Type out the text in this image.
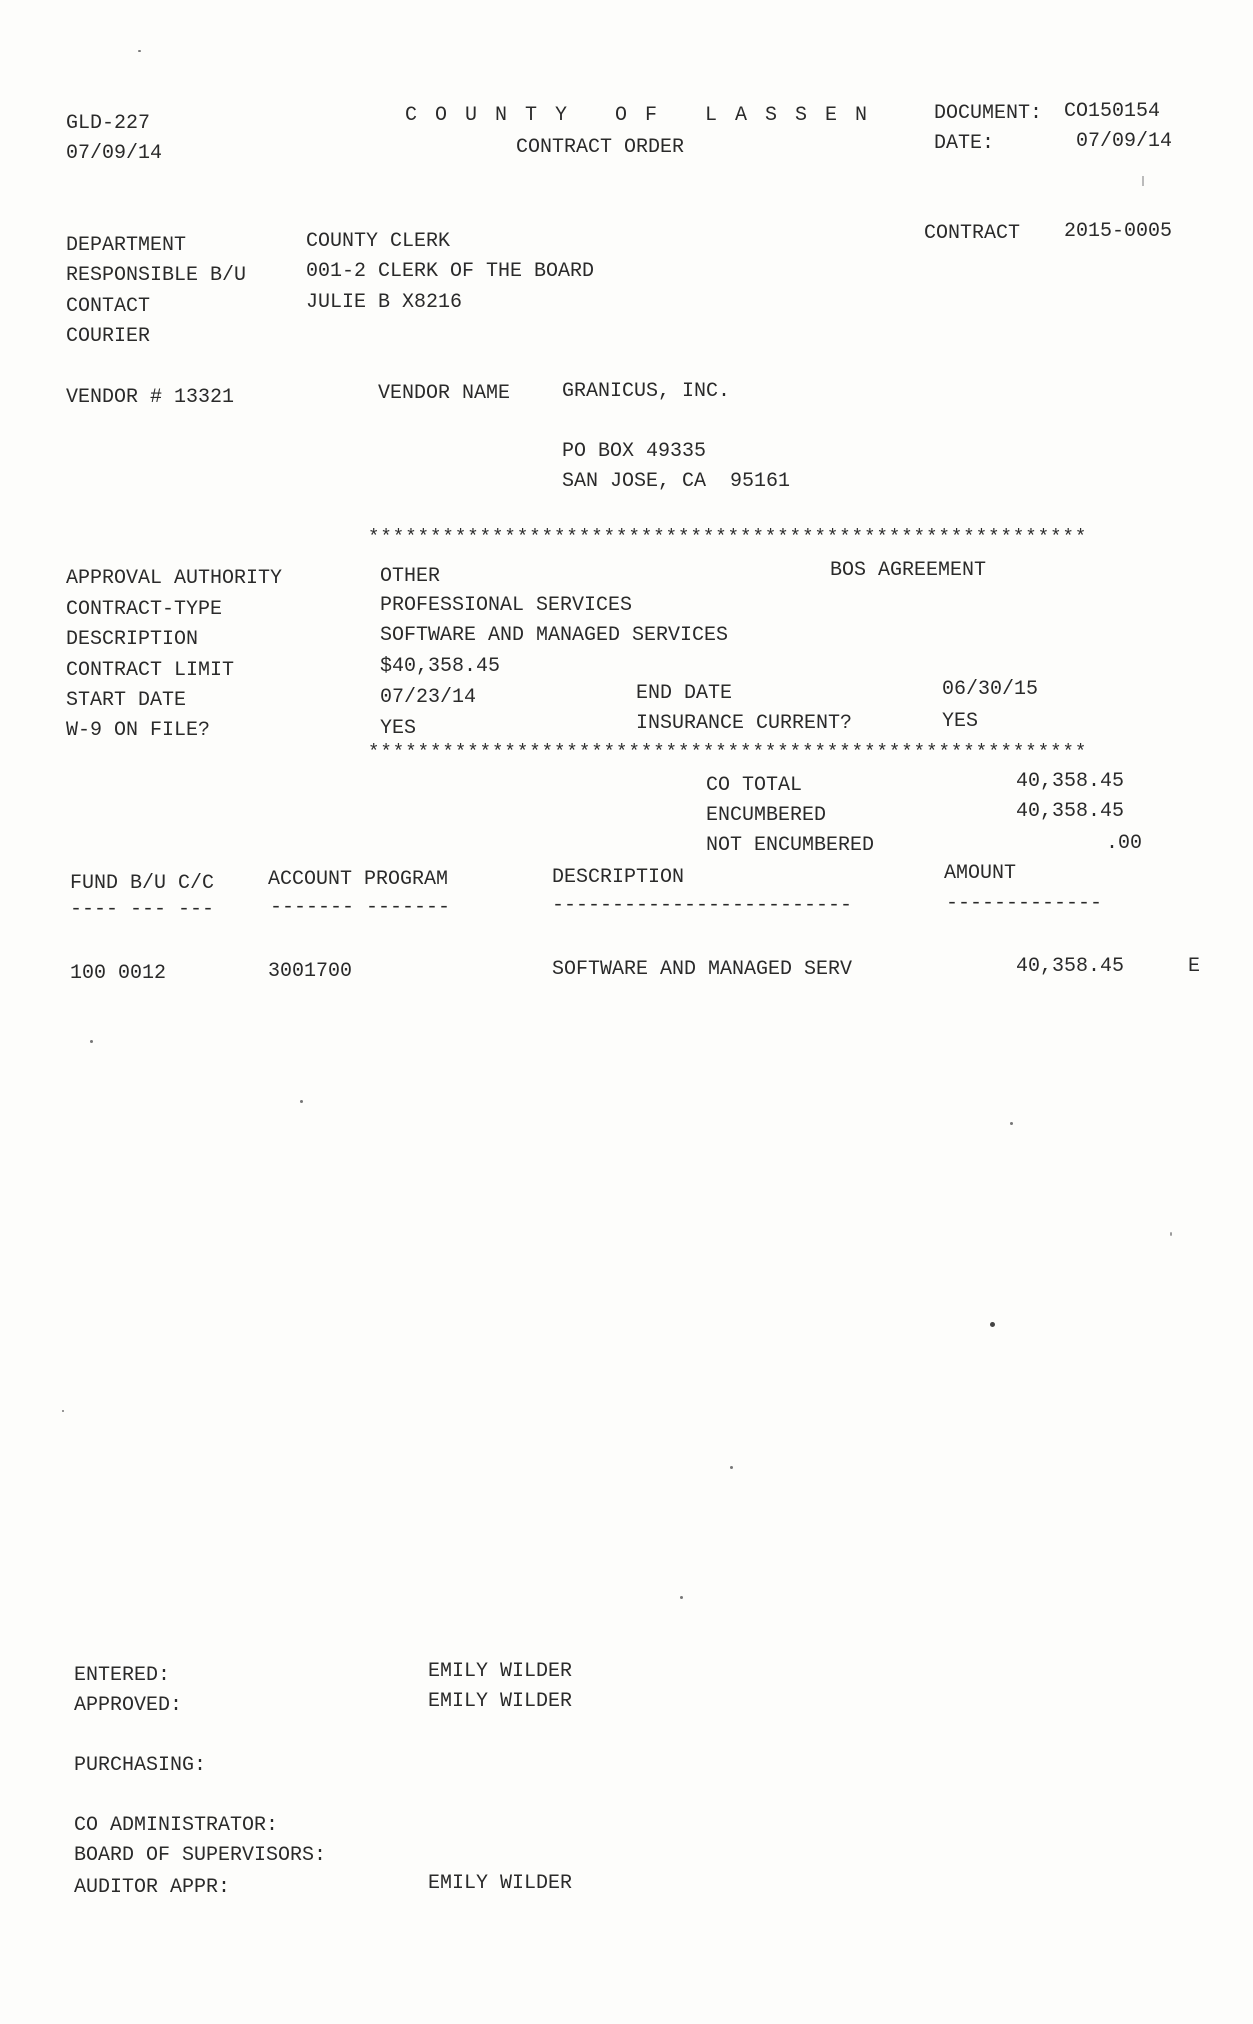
GLD-227
07/09/14
COUNTY OF LASSEN
CONTRACT ORDER
DOCUMENT: CO150154
DATE:	07/09/14
DEPARTMENT	COUNTY CLERK
RESPONSIBLE B/U	001-2 CLERK OF THE BOARD
CONTACT	JULIE B X8216
COURIER
CONTRACT 2015-0005
VENDOR # 13321	VENDOR NAME	GRANICUS, INC.
PO BOX 49335
SAN JOSE, CA  95161
**********************************************************
APPROVAL AUTHORITY	OTHER	BOS AGREEMENT
CONTRACT-TYPE	PROFESSIONAL SERVICES
DESCRIPTION	SOFTWARE AND MANAGED SERVICES
CONTRACT LIMIT	$40,358.45
START DATE	07/23/14	END DATE	06/30/15
W-9 ON FILE?	YES	INSURANCE CURRENT?	YES
**********************************************************
CO TOTAL	40,358.45
ENCUMBERED	40,358.45
NOT ENCUMBERED	.00
FUND B/U C/C	ACCOUNT PROGRAM	DESCRIPTION	AMOUNT
---- --- ---	------- -------	-------------------------	-------------
100 0012	3001700	SOFTWARE AND MANAGED SERV	40,358.45	E
ENTERED:	EMILY WILDER
APPROVED:	EMILY WILDER
PURCHASING:
CO ADMINISTRATOR:
BOARD OF SUPERVISORS:
AUDITOR APPR:	EMILY WILDER
